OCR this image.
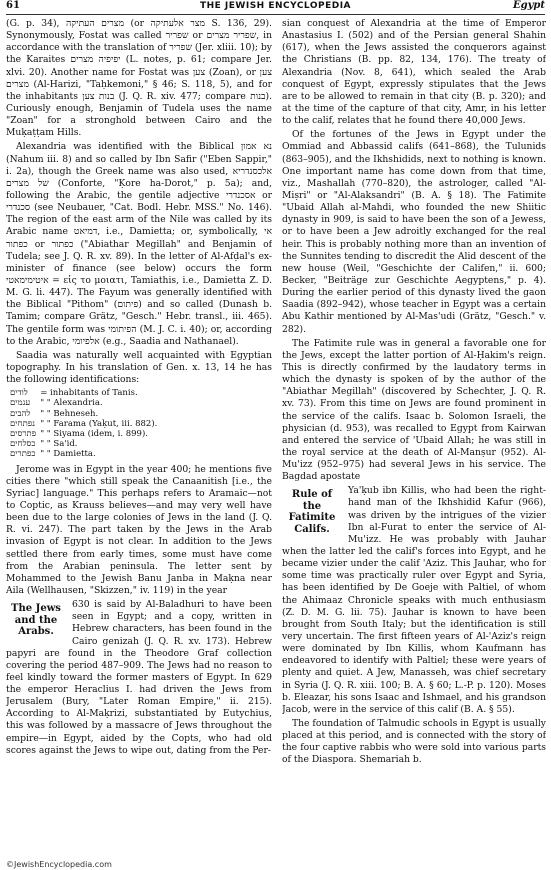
61	THE JEWISH ENCYCLOPEDIA	Egypt

(G. p. 34), מצרים העתיקה (or מצר אלעתיקה S. 136, 29). Synonymously, Fostat was called שפריר or שפריר מצרים, in accordance with the translation of שפריר (Jer. xliii. 10); by the Karaites יפיפיה מצרים (L. notes, p. 61; compare Jer. xlvi. 20). Another name for Fostat was צען (Zoan), or צען מצרים (Al-Harizi, "Taḥkemoni," § 46; S. 118, 5), and for the inhabitants בנות צען (J. Q. R. xiv. 477; compare בנות). Curiously enough, Benjamin of Tudela uses the name "Zoan" for a stronghold between Cairo and the Muḳaṭṭam Hills.

Alexandria was identified with the Biblical נא אמון (Nahum iii. 8) and so called by Ibn Safir ("Eben Sappir," i. 2a), though the Greek name was also used, אלכסנדריא של מצרים (Conforte, "Ḳore ha-Dorot," p. 5a); and, following the Arabic, the gentile adjective אסכנדרי or סכנדרי (see Neubauer, "Cat. Bodl. Hebr. MSS." No. 146). The region of the east arm of the Nile was called by its Arabic name דמיאט, i.e., Damietta; or, symbolically, אי כפתור or כפתור ("Abiathar Megillah" and Benjamin of Tudela; see J. Q. R. xv. 89). In the letter of Al-Afḍal's ex-minister of finance (see below) occurs the form איטימימאטי = εἰς το μοιατι, Tamiathis, i.e., Damietta Z. D. M. G. li. 447). The Fayum was generally identified with the Biblical "Pithom" (פיתום) and so called (Dunash b. Tamim; compare Grätz, "Gesch." Hebr. transl., iii. 465). The gentile form was הפיתומי (M. J. C. i. 40); or, according to the Arabic, אלפיומי (e.g., Saadia and Nathanael).

Saadia was naturally well acquainted with Egyptian topography. In his translation of Gen. x. 13, 14 he has the following identifications:

לודים	= inhabitants of Tanis.
ענמים	" " Alexandria.
להבים	" " Behneseh.
נפתחים	" " Farama (Yaḳut, iii. 882).
פתרסים	" " Siyama (idem, i. 899).
כסלחים	" " Sa'id.
כפתרים	" " Damietta.

Jerome was in Egypt in the year 400; he mentions five cities there "which still speak the Canaanitish [i.e., the Syriac] language." This perhaps refers to Aramaic—not to Coptic, as Krauss believes—and may very well have been due to the large colonies of Jews in the land (J. Q. R. vi. 247). The part taken by the Jews in the Arab invasion of Egypt is not clear. In addition to the Jews settled there from early times, some must have come from the Arabian peninsula. The letter sent by Mohammed to the Jewish Banu Janba in Maḳna near Aila (Wellhausen, "Skizzen," iv. 119) in the year

The Jews and the Arabs.

630 is said by Al-Baladhuri to have been seen in Egypt; and a copy, written in Hebrew characters, has been found in the Cairo genizah (J. Q. R. xv. 173). Hebrew papyri are found in the Theodore Graf collection covering the period 487–909. The Jews had no reason to feel kindly toward the former masters of Egypt. In 629 the emperor Heraclius I. had driven the Jews from Jerusalem (Bury, "Later Roman Empire," ii. 215). According to Al-Maḳrizi, substantiated by Eutychius, this was followed by a massacre of Jews throughout the empire—in Egypt, aided by the Copts, who had old scores against the Jews to wipe out, dating from the Per-

sian conquest of Alexandria at the time of Emperor Anastasius I. (502) and of the Persian general Shahin (617), when the Jews assisted the conquerors against the Christians (B. pp. 82, 134, 176). The treaty of Alexandria (Nov. 8, 641), which sealed the Arab conquest of Egypt, expressly stipulates that the Jews are to be allowed to remain in that city (B. p. 320); and at the time of the capture of that city, Amr, in his letter to the calif, relates that he found there 40,000 Jews.

Of the fortunes of the Jews in Egypt under the Ommiad and Abbassid califs (641–868), the Tulunids (863–905), and the Ikhshidids, next to nothing is known. One important name has come down from that time, viz., Mashallah (770–820), the astrologer, called "Al-Miṣri" or "Al-Alaksandri" (B. A. § 18). The Fatimite "Ubaid Allah al-Mahdi, who founded the new Shiitic dynasty in 909, is said to have been the son of a Jewess, or to have been a Jew adroitly exchanged for the real heir. This is probably nothing more than an invention of the Sunnites tending to discredit the Alid descent of the new house (Weil, "Geschichte der Califen," ii. 600; Becker, "Beiträge zur Geschichte Aegyptens," p. 4). During the earlier period of this dynasty lived the gaon Saadia (892–942), whose teacher in Egypt was a certain Abu Kathir mentioned by Al-Mas'udi (Grätz, "Gesch." v. 282).

The Fatimite rule was in general a favorable one for the Jews, except the latter portion of Al-Ḥakim's reign. This is directly confirmed by the laudatory terms in which the dynasty is spoken of by the author of the "Abiathar Megillah" (discovered by Schechter, J. Q. R. xv. 73). From this time on Jews are found prominent in the service of the califs. Isaac b. Solomon Israeli, the physician (d. 953), was recalled to Egypt from Kairwan and entered the service of 'Ubaid Allah; he was still in the royal service at the death of Al-Manṣur (952). Al-Mu'izz (952–975) had several Jews in his service. The Bagdad apostate

Rule of the Fatimite Califs.

Ya'ḳub ibn Killis, who had been the right-hand man of the Ikhshidid Kafur (966), was driven by the intrigues of the vizier Ibn al-Furat to enter the service of Al-Mu'izz. He was probably with Jauhar when the latter led the calif's forces into Egypt, and he became vizier under the calif 'Aziz. This Jauhar, who for some time was practically ruler over Egypt and Syria, has been identified by De Goeje with Paltiel, of whom the Ahimaaz Chronicle speaks with much enthusiasm (Z. D. M. G. lii. 75). Jauhar is known to have been brought from South Italy; but the identification is still very uncertain. The first fifteen years of Al-'Aziz's reign were dominated by Ibn Killis, whom Kaufmann has endeavored to identify with Paltiel; these were years of plenty and quiet. A Jew, Manasseh, was chief secretary in Syria (J. Q. R. xiii. 100; B. A. § 60; L.-P. p. 120). Moses b. Eleazar, his sons Isaac and Ishmael, and his grandson Jacob, were in the service of this calif (B. A. § 55).

The foundation of Talmudic schools in Egypt is usually placed at this period, and is connected with the story of the four captive rabbis who were sold into various parts of the Diaspora. Shemariah b.

©JewishEncyclopedia.com
